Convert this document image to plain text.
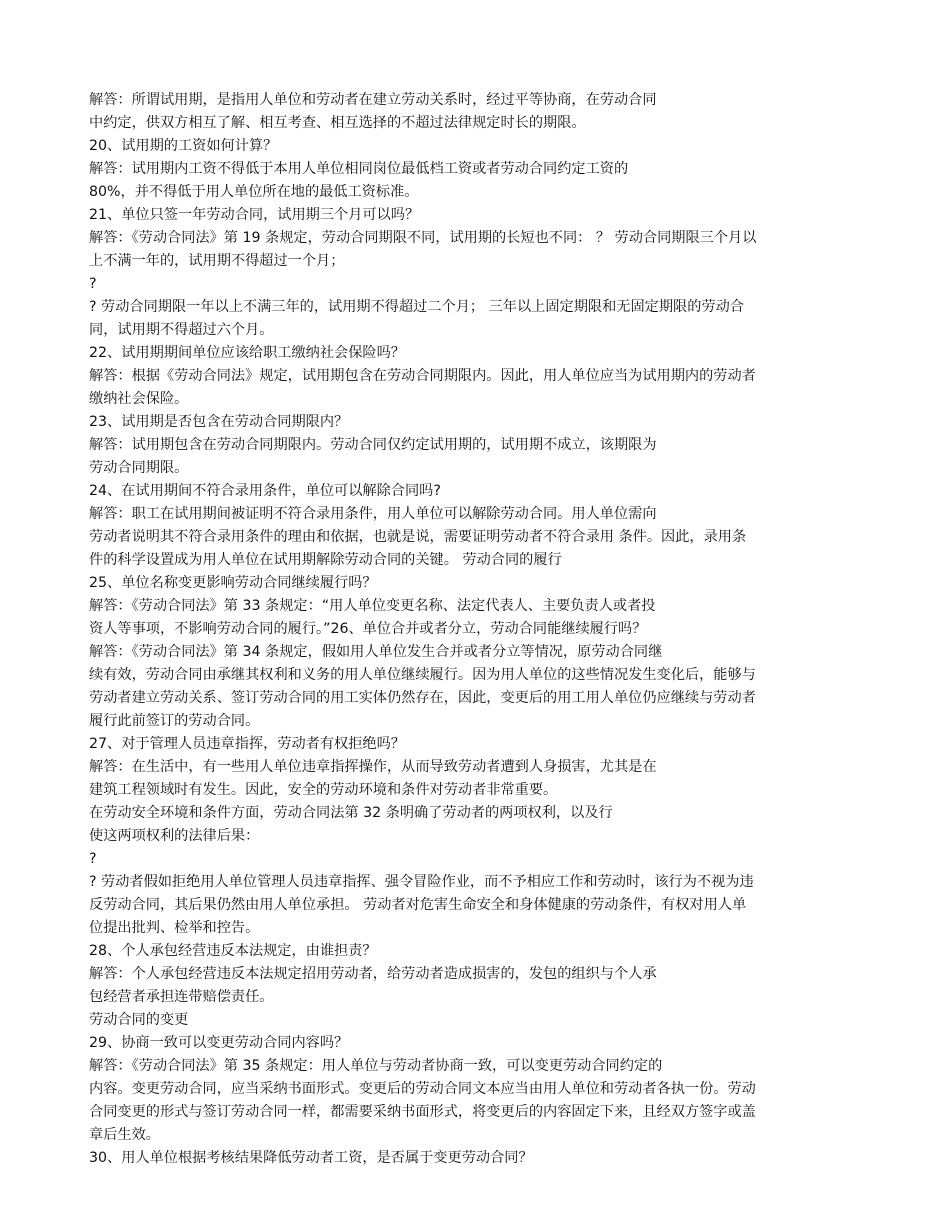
解答：所谓试用期，是指用人单位和劳动者在建立劳动关系时，经过平等协商，在劳动合同
中约定，供双方相互了解、相互考查、相互选择的不超过法律规定时长的期限。
20、试用期的工资如何计算？
解答：试用期内工资不得低于本用人单位相同岗位最低档工资或者劳动合同约定工资的
80%，并不得低于用人单位所在地的最低工资标准。
21、单位只签一年劳动合同，试用期三个月可以吗？
解答：《劳动合同法》第 19 条规定，劳动合同期限不同，试用期的长短也不同： ？ 劳动合同期限三个月以
上不满一年的，试用期不得超过一个月；
?
? 劳动合同期限一年以上不满三年的，试用期不得超过二个月； 三年以上固定期限和无固定期限的劳动合
同，试用期不得超过六个月。
22、试用期期间单位应该给职工缴纳社会保险吗？
解答：根据《劳动合同法》规定，试用期包含在劳动合同期限内。因此，用人单位应当为试用期内的劳动者
缴纳社会保险。
23、试用期是否包含在劳动合同期限内？
解答：试用期包含在劳动合同期限内。劳动合同仅约定试用期的，试用期不成立，该期限为
劳动合同期限。
24、在试用期间不符合录用条件，单位可以解除合同吗?
解答：职工在试用期间被证明不符合录用条件，用人单位可以解除劳动合同。用人单位需向
劳动者说明其不符合录用条件的理由和依据，也就是说，需要证明劳动者不符合录用 条件。因此，录用条
件的科学设置成为用人单位在试用期解除劳动合同的关键。 劳动合同的履行
25、单位名称变更影响劳动合同继续履行吗？
解答：《劳动合同法》第 33 条规定：“用人单位变更名称、法定代表人、主要负责人或者投
资人等事项，不影响劳动合同的履行。”26、单位合并或者分立，劳动合同能继续履行吗？
解答：《劳动合同法》第 34 条规定，假如用人单位发生合并或者分立等情况，原劳动合同继
续有效，劳动合同由承继其权利和义务的用人单位继续履行。因为用人单位的这些情况发生变化后，能够与
劳动者建立劳动关系、签订劳动合同的用工实体仍然存在，因此，变更后的用工用人单位仍应继续与劳动者
履行此前签订的劳动合同。
27、对于管理人员违章指挥，劳动者有权拒绝吗？
解答：在生活中，有一些用人单位违章指挥操作，从而导致劳动者遭到人身损害，尤其是在
建筑工程领域时有发生。因此，安全的劳动环境和条件对劳动者非常重要。
在劳动安全环境和条件方面，劳动合同法第 32 条明确了劳动者的两项权利，以及行
使这两项权利的法律后果：
?
? 劳动者假如拒绝用人单位管理人员违章指挥、强令冒险作业，而不予相应工作和劳动时，该行为不视为违
反劳动合同，其后果仍然由用人单位承担。 劳动者对危害生命安全和身体健康的劳动条件，有权对用人单
位提出批判、检举和控告。
28、个人承包经营违反本法规定，由谁担责？
解答：个人承包经营违反本法规定招用劳动者，给劳动者造成损害的，发包的组织与个人承
包经营者承担连带赔偿责任。
劳动合同的变更
29、协商一致可以变更劳动合同内容吗？
解答：《劳动合同法》第 35 条规定：用人单位与劳动者协商一致，可以变更劳动合同约定的
内容。变更劳动合同，应当采纳书面形式。变更后的劳动合同文本应当由用人单位和劳动者各执一份。劳动
合同变更的形式与签订劳动合同一样，都需要采纳书面形式，将变更后的内容固定下来，且经双方签字或盖
章后生效。
30、用人单位根据考核结果降低劳动者工资，是否属于变更劳动合同？
